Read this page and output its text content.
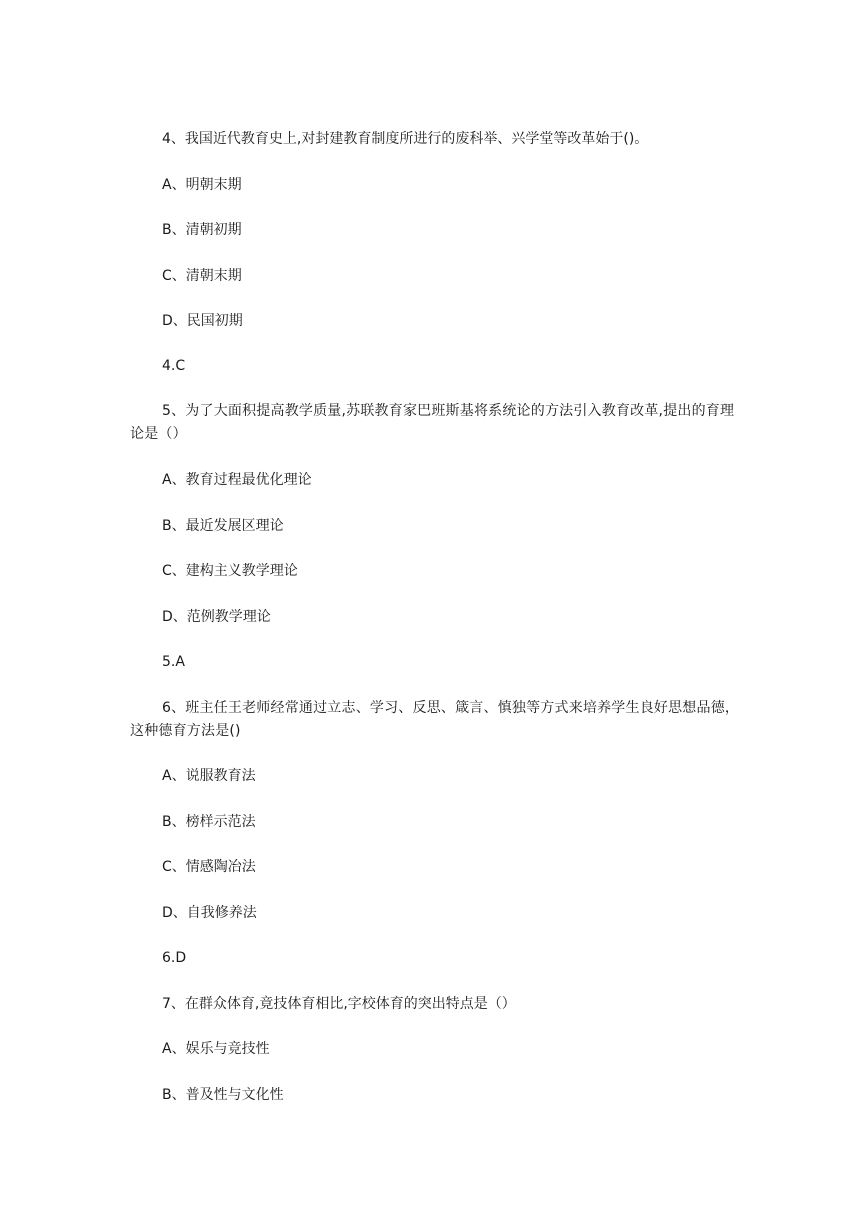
4、我国近代教育史上,对封建教育制度所进行的废科举、兴学堂等改革始于()。
A、明朝末期
B、清朝初期
C、清朝末期
D、民国初期
4.C
5、为了大面积提高教学质量,苏联教育家巴班斯基将系统论的方法引入教育改革,提出的育理论是（）
A、教育过程最优化理论
B、最近发展区理论
C、建构主义教学理论
D、范例教学理论
5.A
6、班主任王老师经常通过立志、学习、反思、箴言、慎独等方式来培养学生良好思想品德，这种德育方法是()
A、说服教育法
B、榜样示范法
C、情感陶冶法
D、自我修养法
6.D
7、在群众体育,竟技体育相比,字校体育的突出特点是（）
A、娱乐与竞技性
B、普及性与文化性
